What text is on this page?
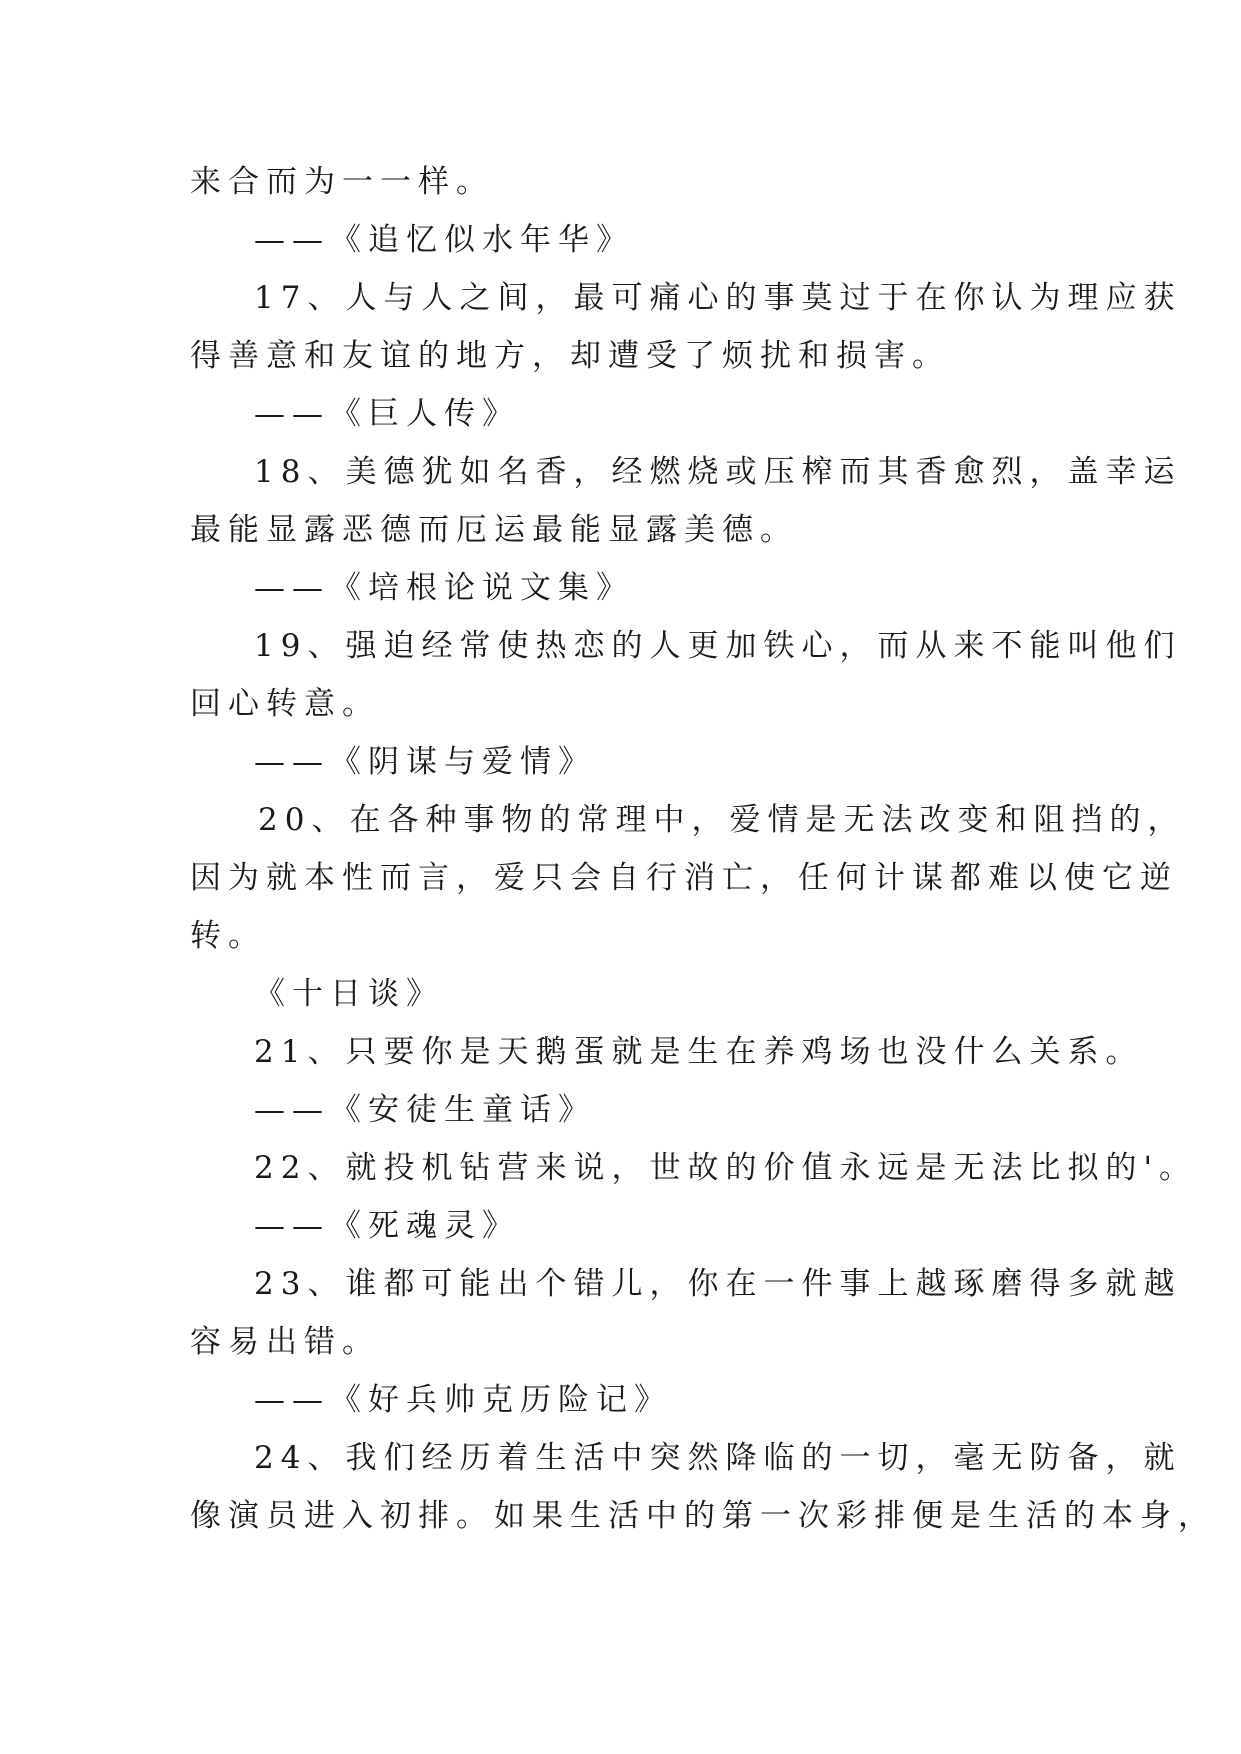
来合而为一一样。
——《追忆似水年华》
17、人与人之间，最可痛心的事莫过于在你认为理应获
得善意和友谊的地方，却遭受了烦扰和损害。
——《巨人传》
18、美德犹如名香，经燃烧或压榨而其香愈烈，盖幸运
最能显露恶德而厄运最能显露美德。
——《培根论说文集》
19、强迫经常使热恋的人更加铁心，而从来不能叫他们
回心转意。
——《阴谋与爱情》
20、在各种事物的常理中，爱情是无法改变和阻挡的，
因为就本性而言，爱只会自行消亡，任何计谋都难以使它逆
转。
《十日谈》
21、只要你是天鹅蛋就是生在养鸡场也没什么关系。
——《安徒生童话》
22、就投机钻营来说，世故的价值永远是无法比拟的'。
——《死魂灵》
23、谁都可能出个错儿，你在一件事上越琢磨得多就越
容易出错。
——《好兵帅克历险记》
24、我们经历着生活中突然降临的一切，毫无防备，就
像演员进入初排。如果生活中的第一次彩排便是生活的本身，
